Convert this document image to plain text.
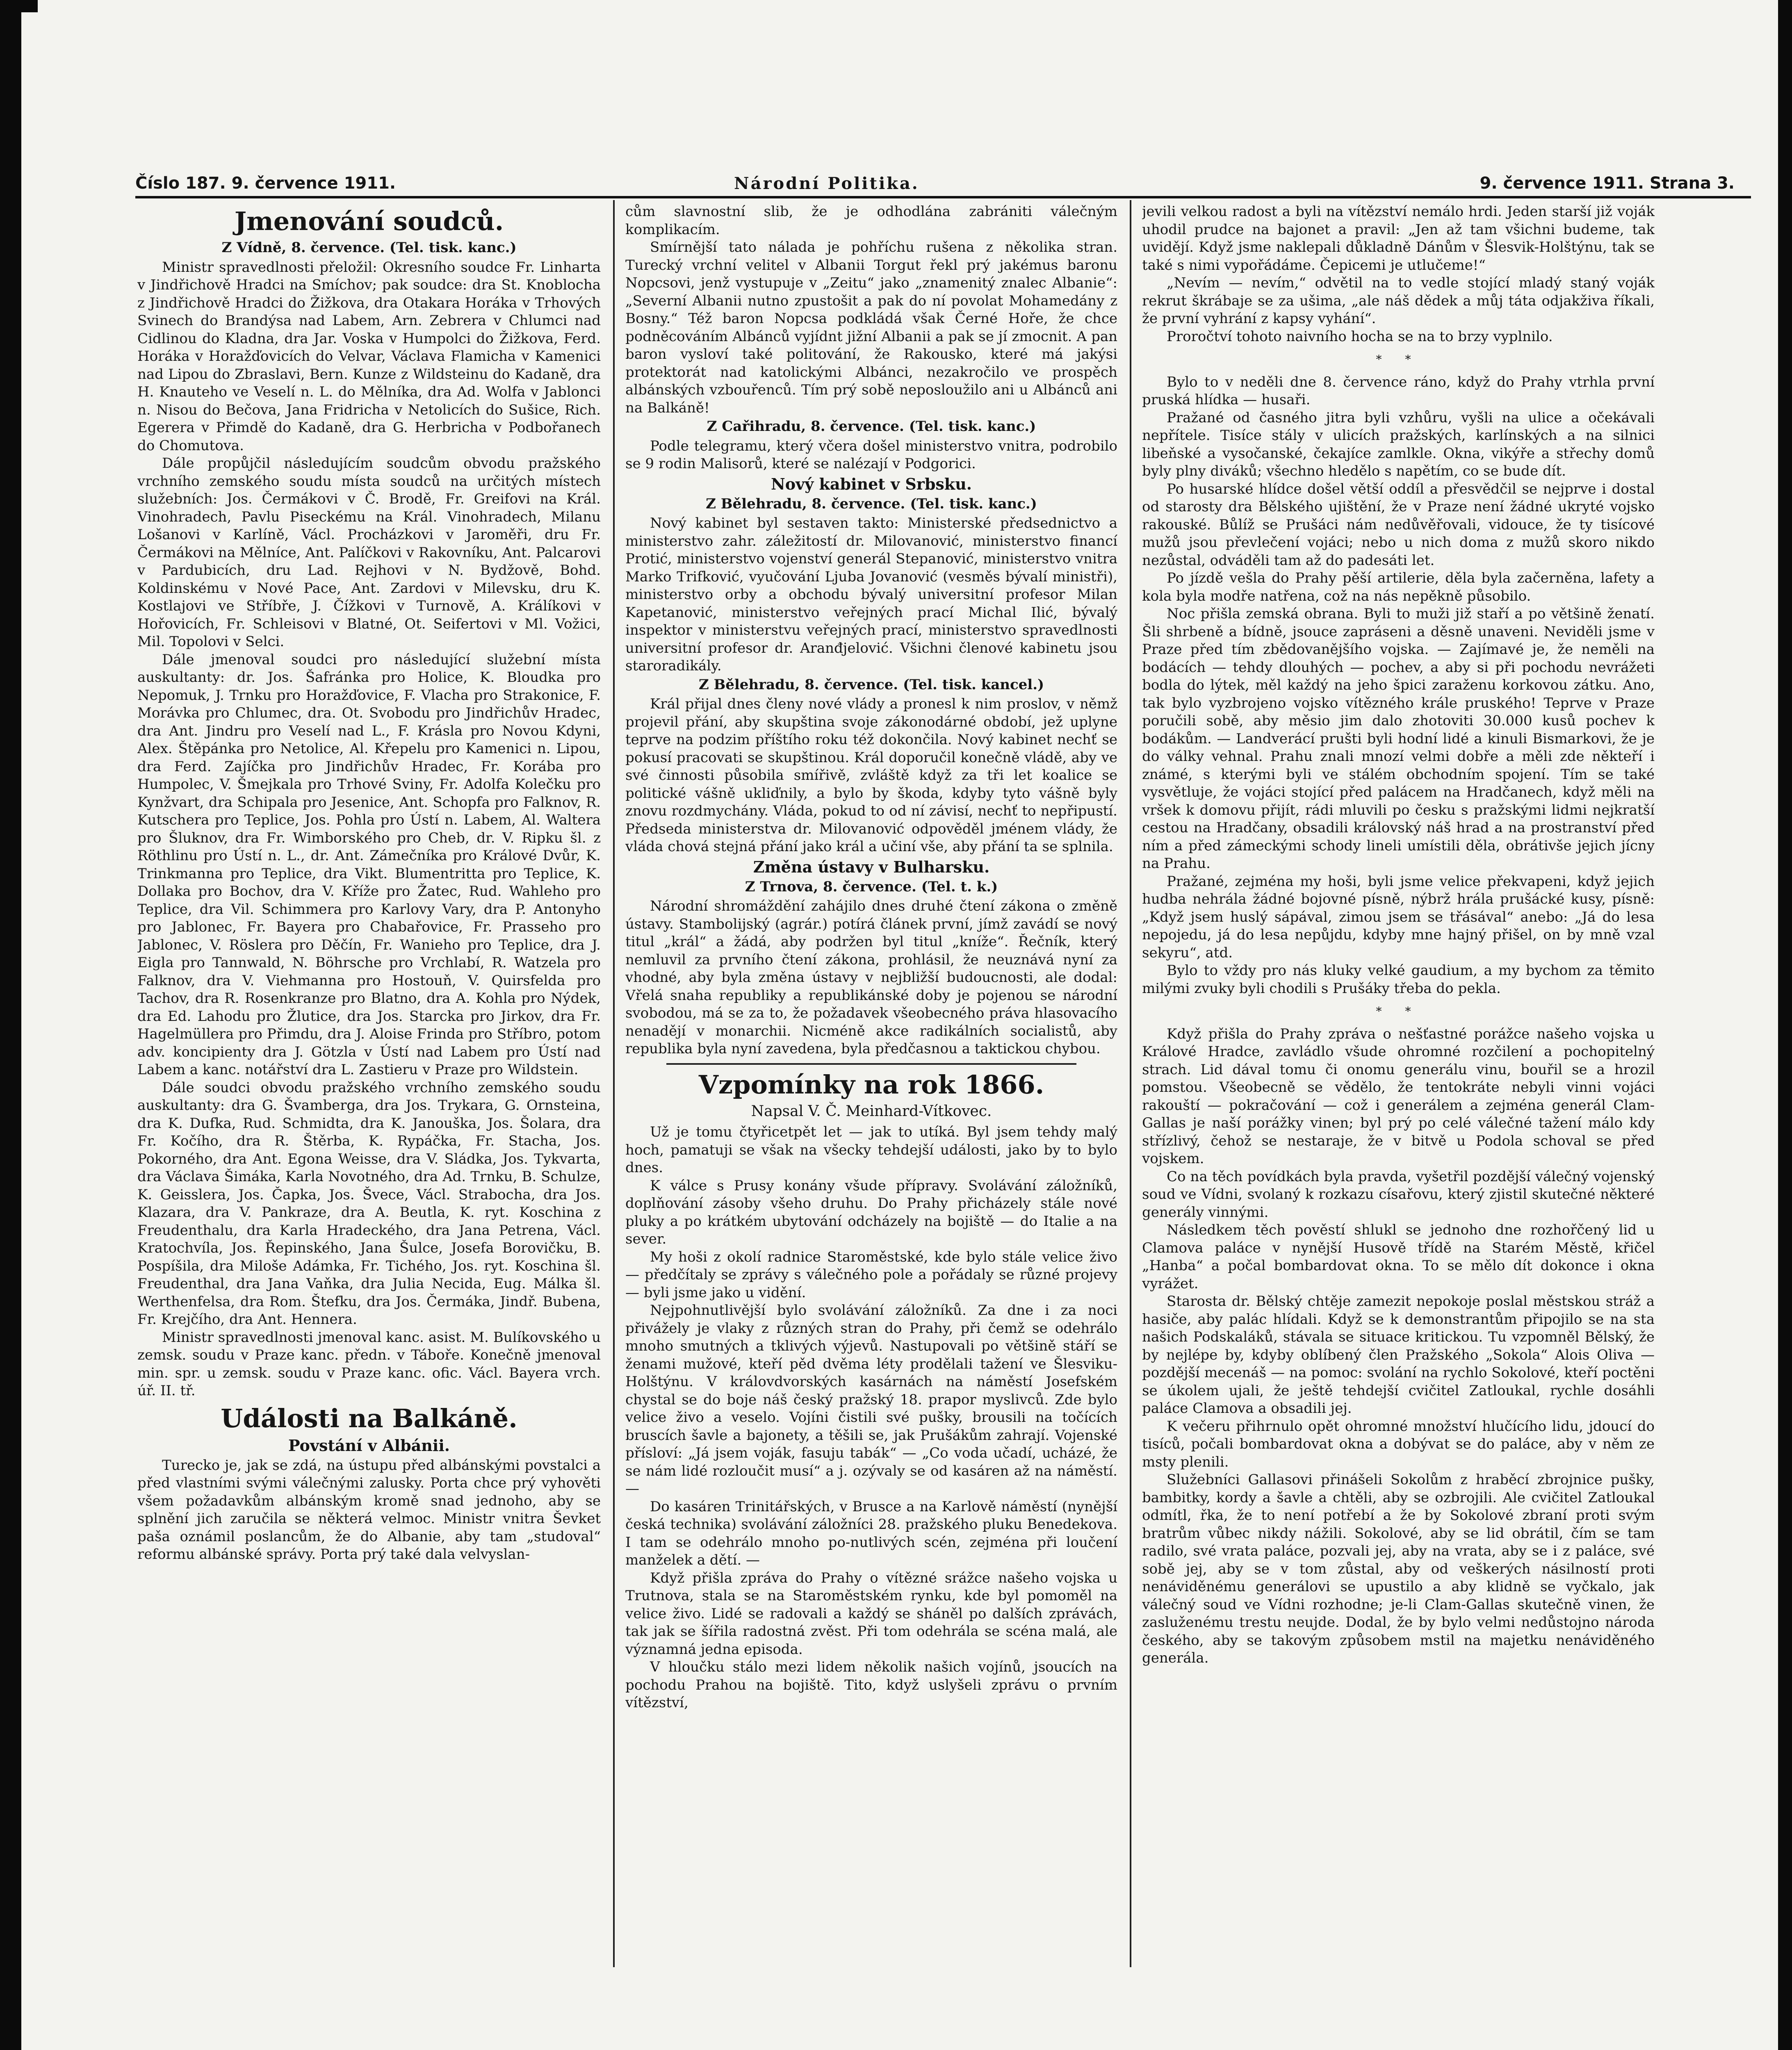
Číslo 187. 9. července 1911.	Národní Politika.	9. července 1911. Strana 3.
Jmenování soudců.
Z Vídně, 8. července. (Tel. tisk. kanc.)

Ministr spravedlnosti přeložil: Okresního soudce Fr. Linharta v Jindřichově Hradci na Smíchov; pak soudce: dra St. Knoblocha z Jindřichově Hradci do Žižkova, dra Otakara Horáka v Trhových Svinech do Brandýsa nad Labem, Arn. Zebrera v Chlumci nad Cidlinou do Kladna, dra Jar. Voska v Humpolci do Žižkova, Ferd. Horáka v Horažďovicích do Velvar, Václava Flamicha v Kamenici nad Lipou do Zbraslavi, Bern. Kunze z Wildsteinu do Kadaně, dra H. Knauteho ve Veselí n. L. do Mělníka, dra Ad. Wolfa v Jablonci n. Nisou do Bečova, Jana Fridricha v Netolicích do Sušice, Rich. Egerera v Přimdě do Kadaně, dra G. Herbricha v Podbořanech do Chomutova.

Dále propůjčil následujícím soudcům obvodu pražského vrchního zemského soudu místa soudců na určitých místech služebních: Jos. Čermákovi v Č. Brodě, Fr. Greifovi na Král. Vinohradech, Pavlu Piseckému na Král. Vinohradech, Milanu Lošanovi v Karlíně, Václ. Procházkovi v Jaroměři, dru Fr. Čermákovi na Mělníce, Ant. Palíčkovi v Rakovníku, Ant. Palcarovi v Pardubicích, dru Lad. Rejhovi v N. Bydžově, Bohd. Koldinskému v Nové Pace, Ant. Zardovi v Milevsku, dru K. Kostlajovi ve Stříbře, J. Čížkovi v Turnově, A. Králíkovi v Hořovicích, Fr. Schleisovi v Blatné, Ot. Seifertovi v Ml. Vožici, Mil. Topolovi v Selci.

Dále jmenoval soudci pro následující služební místa auskultanty: dr. Jos. Šafránka pro Holice, K. Bloudka pro Nepomuk, J. Trnku pro Horažďovice, F. Vlacha pro Strakonice, F. Morávka pro Chlumec, dra. Ot. Svobodu pro Jindřichův Hradec, dra Ant. Jindru pro Veselí nad L., F. Krásla pro Novou Kdyni, Alex. Štěpánka pro Netolice, Al. Křepelu pro Kamenici n. Lipou, dra Ferd. Zajíčka pro Jindřichův Hradec, Fr. Korába pro Humpolec, V. Šmejkala pro Trhové Sviny, Fr. Adolfa Kolečku pro Kynžvart, dra Schipala pro Jesenice, Ant. Schopfa pro Falknov, R. Kutschera pro Teplice, Jos. Pohla pro Ústí n. Labem, Al. Waltera pro Šluknov, dra Fr. Wimborského pro Cheb, dr. V. Ripku šl. z Röthlinu pro Ústí n. L., dr. Ant. Zámečníka pro Králové Dvůr, K. Trinkmanna pro Teplice, dra Vikt. Blumentritta pro Teplice, K. Dollaka pro Bochov, dra V. Kříže pro Žatec, Rud. Wahleho pro Teplice, dra Vil. Schimmera pro Karlovy Vary, dra P. Antonyho pro Jablonec, Fr. Bayera pro Chabařovice, Fr. Prasseho pro Jablonec, V. Röslera pro Děčín, Fr. Wanieho pro Teplice, dra J. Eigla pro Tannwald, N. Böhrsche pro Vrchlabí, R. Watzela pro Falknov, dra V. Viehmanna pro Hostouň, V. Quirsfelda pro Tachov, dra R. Rosenkranze pro Blatno, dra A. Kohla pro Nýdek, dra Ed. Lahodu pro Žlutice, dra Jos. Starcka pro Jirkov, dra Fr. Hagelmüllera pro Přimdu, dra J. Aloise Frinda pro Stříbro, potom adv. koncipienty dra J. Götzla v Ústí nad Labem pro Ústí nad Labem a kanc. notářství dra L. Zastieru v Praze pro Wildstein.

Dále soudci obvodu pražského vrchního zemského soudu auskultanty: dra G. Švamberga, dra Jos. Trykara, G. Ornsteina, dra K. Dufka, Rud. Schmidta, dra K. Janouška, Jos. Šolara, dra Fr. Kočího, dra R. Štěrba, K. Rypáčka, Fr. Stacha, Jos. Pokorného, dra Ant. Egona Weisse, dra V. Sládka, Jos. Tykvarta, dra Václava Šimáka, Karla Novotného, dra Ad. Trnku, B. Schulze, K. Geisslera, Jos. Čapka, Jos. Švece, Václ. Strabocha, dra Jos. Klazara, dra V. Pankraze, dra A. Beutla, K. ryt. Koschina z Freudenthalu, dra Karla Hradeckého, dra Jana Petrena, Václ. Kratochvíla, Jos. Řepinského, Jana Šulce, Josefa Borovičku, B. Pospíšila, dra Miloše Adámka, Fr. Tichého, Jos. ryt. Koschina šl. Freudenthal, dra Jana Vaňka, dra Julia Necida, Eug. Málka šl. Werthenfelsa, dra Rom. Štefku, dra Jos. Čermáka, Jindř. Bubena, Fr. Krejčího, dra Ant. Hennera.

Ministr spravedlnosti jmenoval kanc. asist. M. Bulíkovského u zemsk. soudu v Praze kanc. předn. v Táboře. Konečně jmenoval min. spr. u zemsk. soudu v Praze kanc. ofic. Václ. Bayera vrch. úř. II. tř.

Události na Balkáně.
Povstání v Albánii.

Turecko je, jak se zdá, na ústupu před albánskými povstalci a před vlastními svými válečnými zalusky. Porta chce prý vyhověti všem požadavkům albánským kromě snad jednoho, aby se splnění jich zaručila se některá velmoc. Ministr vnitra Ševket paša oznámil poslancům, že do Albanie, aby tam „studoval“ reformu albánské správy. Porta prý také dala velvyslan-

cům slavnostní slib, že je odhodlána zabrániti válečným komplikacím.

Smírnější tato nálada je pohříchu rušena z několika stran. Turecký vrchní velitel v Albanii Torgut řekl prý jakémus baronu Nopcsovi, jenž vystupuje v „Zeitu“ jako „znamenitý znalec Albanie“: „Severní Albanii nutno zpustošit a pak do ní povolat Mohamedány z Bosny.“ Též baron Nopcsa podkládá však Černé Hoře, že chce podněcováním Albánců vyjídnt jižní Albanii a pak se jí zmocnit. A pan baron vysloví také politování, že Rakousko, které má jakýsi protektorát nad katolickými Albánci, nezakročilo ve prospěch albánských vzbouřenců. Tím prý sobě neposloužilo ani u Albánců ani na Balkáně!

Z Cařihradu, 8. července. (Tel. tisk. kanc.)

Podle telegramu, který včera došel ministerstvo vnitra, podrobilo se 9 rodin Malisorů, které se nalézají v Podgorici.

Nový kabinet v Srbsku.
Z Bělehradu, 8. července. (Tel. tisk. kanc.)

Nový kabinet byl sestaven takto: Ministerské předsednictvo a ministerstvo zahr. záležitostí dr. Milovanović, ministerstvo financí Protić, ministerstvo vojenství generál Stepanović, ministerstvo vnitra Marko Trifković, vyučování Ljuba Jovanović (vesměs bývalí ministři), ministerstvo orby a obchodu bývalý universitní profesor Milan Kapetanović, ministerstvo veřejných prací Michal Ilić, bývalý inspektor v ministerstvu veřejných prací, ministerstvo spravedlnosti universitní profesor dr. Aranđjelović. Všichni členové kabinetu jsou staroradikály.

Z Bělehradu, 8. července. (Tel. tisk. kancel.)

Král přijal dnes členy nové vlády a pronesl k nim proslov, v němž projevil přání, aby skupština svoje zákonodárné období, jež uplyne teprve na podzim příštího roku též dokončila. Nový kabinet nechť se pokusí pracovati se skupštinou. Král doporučil konečně vládě, aby ve své činnosti působila smířivě, zvláště když za tři let koalice se politické vášně ukliďnily, a bylo by škoda, kdyby tyto vášně byly znovu rozdmychány. Vláda, pokud to od ní závisí, nechť to nepřipustí. Předseda ministerstva dr. Milovanović odpověděl jménem vlády, že vláda chová stejná přání jako král a učiní vše, aby přání ta se splnila.

Změna ústavy v Bulharsku.
Z Trnova, 8. července. (Tel. t. k.)

Národní shromáždění zahájilo dnes druhé čtení zákona o změně ústavy. Stambolijský (agrár.) potírá článek první, jímž zavádí se nový titul „král“ a žádá, aby podržen byl titul „kníže“. Řečník, který nemluvil za prvního čtení zákona, prohlásil, že neuznává nyní za vhodné, aby byla změna ústavy v nejbližší budoucnosti, ale dodal: Vřelá snaha republiky a republikánské doby je pojenou se národní svobodou, má se za to, že požadavek všeobecného práva hlasovacího nenadějí v monarchii. Nicméně akce radikálních socialistů, aby republika byla nyní zavedena, byla předčasnou a taktickou chybou.

Vzpomínky na rok 1866.
Napsal V. Č. Meinhard-Vítkovec.

Už je tomu čtyřicetpět let — jak to utíká. Byl jsem tehdy malý hoch, pamatuji se však na všecky tehdejší události, jako by to bylo dnes.

K válce s Prusy konány všude přípravy. Svolávání záložníků, doplňování zásoby všeho druhu. Do Prahy přicházely stále nové pluky a po krátkém ubytování odcházely na bojiště — do Italie a na sever.

My hoši z okolí radnice Staroměstské, kde bylo stále velice živo — předčítaly se zprávy s válečného pole a pořádaly se různé projevy — byli jsme jako u vidění.

Nejpohnutlivější bylo svolávání záložníků. Za dne i za noci přivážely je vlaky z různých stran do Prahy, při čemž se odehrálo mnoho smutných a tklivých výjevů. Nastupovali po většině stáří se ženami mužové, kteří pěd dvěma léty prodělali tažení ve Šlesviku-Holštýnu. V královdvorských kasárnách na náměstí Josefském chystal se do boje náš český pražský 18. prapor myslivců. Zde bylo velice živo a veselo. Vojíni čistili své pušky, brousili na točících bruscích šavle a bajonety, a těšili se, jak Prušákům zahrají. Vojenské přísloví: „Já jsem voják, fasuju tabák“ — „Co voda učadí, ucházé, že se nám lidé rozloučit musí“ a j. ozývaly se od kasáren až na náměstí. —

Do kasáren Trinitářských, v Brusce a na Karlově náměstí (nynější česká technika) svolávání záložníci 28. pražského pluku Benedekova. I tam se odehrálo mnoho po-nutlivých scén, zejména při loučení manželek a dětí. —

Když přišla zpráva do Prahy o vítězné srážce našeho vojska u Trutnova, stala se na Staroměstském rynku, kde byl pomoměl na velice živo. Lidé se radovali a každý se sháněl po dalších zprávách, tak jak se šířila radostná zvěst. Při tom odehrála se scéna malá, ale významná jedna episoda.

V hloučku stálo mezi lidem několik našich vojínů, jsoucích na pochodu Prahou na bojiště. Tito, když uslyšeli zprávu o prvním vítězství,

jevili velkou radost a byli na vítězství nemálo hrdi. Jeden starší již voják uhodil prudce na bajonet a pravil: „Jen až tam všichni budeme, tak uvidějí. Když jsme naklepali důkladně Dánům v Šlesvik-Holštýnu, tak se také s nimi vypořádáme. Čepicemi je utlučeme!“

„Nevím — nevím,“ odvětil na to vedle stojící mladý staný voják rekrut škrábaje se za ušima, „ale náš dědek a můj táta odjakživa říkali, že první vyhrání z kapsy vyhání“.

Proročtví tohoto naivního hocha se na to brzy vyplnilo.

* *

Bylo to v neděli dne 8. července ráno, když do Prahy vtrhla první pruská hlídka — husaři.

Pražané od časného jitra byli vzhůru, vyšli na ulice a očekávali nepřítele. Tisíce stály v ulicích pražských, karlínských a na silnici libeňské a vysočanské, čekajíce zamlkle. Okna, vikýře a střechy domů byly plny diváků; všechno hledělo s napětím, co se bude dít.

Po husarské hlídce došel větší oddíl a přesvědčil se nejprve i dostal od starosty dra Bělského ujištění, že v Praze není žádné ukryté vojsko rakouské. Bůlíž se Prušáci nám nedůvěřovali, vidouce, že ty tisícové mužů jsou převlečení vojáci; nebo u nich doma z mužů skoro nikdo nezůstal, odváděli tam až do padesáti let.

Po jízdě vešla do Prahy pěší artilerie, děla byla začerněna, lafety a kola byla modře natřena, což na nás nepěkně působilo.

Noc přišla zemská obrana. Byli to muži již staří a po většině ženatí. Šli shrbeně a bídně, jsouce zapráseni a děsně unaveni. Neviděli jsme v Praze před tím zbědovanějšího vojska. — Zajímavé je, že neměli na bodácích — tehdy dlouhých — pochev, a aby si při pochodu nevrážeti bodla do lýtek, měl každý na jeho špici zaraženu korkovou zátku. Ano, tak bylo vyzbrojeno vojsko vítězného krále pruského! Teprve v Praze poručili sobě, aby měsio jim dalo zhotoviti 30.000 kusů pochev k bodákům. — Landverácí prušti byli hodní lidé a kinuli Bismarkovi, že je do války vehnal. Prahu znali mnozí velmi dobře a měli zde někteří i známé, s kterými byli ve stálém obchodním spojení. Tím se také vysvětluje, že vojáci stojící před palácem na Hradčanech, když měli na vršek k domovu přijít, rádi mluvili po česku s pražskými lidmi nejkratší cestou na Hradčany, obsadili královský náš hrad a na prostranství před ním a před zámeckými schody lineli umístili děla, obrátivše jejich jícny na Prahu.

Pražané, zejména my hoši, byli jsme velice překvapeni, když jejich hudba nehrála žádné bojovné písně, nýbrž hrála prušácké kusy, písně: „Když jsem huslý sápával, zimou jsem se třásával“ anebo: „Já do lesa nepojedu, já do lesa nepůjdu, kdyby mne hajný přišel, on by mně vzal sekyru“, atd.

Bylo to vždy pro nás kluky velké gaudium, a my bychom za těmito milými zvuky byli chodili s Prušáky třeba do pekla.

* *

Když přišla do Prahy zpráva o nešťastné porážce našeho vojska u Králové Hradce, zavládlo všude ohromné rozčilení a pochopitelný strach. Lid dával tomu či onomu generálu vinu, bouřil se a hrozil pomstou. Všeobecně se vědělo, že tentokráte nebyli vinni vojáci rakouští — pokračování — což i generálem a zejména generál Clam-Gallas je naší porážky vinen; byl prý po celé válečné tažení málo kdy střízlivý, čehož se nestaraje, že v bitvě u Podola schoval se před vojskem.

Co na těch povídkách byla pravda, vyšetřil pozdější válečný vojenský soud ve Vídni, svolaný k rozkazu císařovu, který zjistil skutečné některé generály vinnými.

Následkem těch pověstí shlukl se jednoho dne rozhořčený lid u Clamova paláce v nynější Husově třídě na Starém Městě, křičel „Hanba“ a počal bombardovat okna. To se mělo dít dokonce i okna vyrážet.

Starosta dr. Bělský chtěje zamezit nepokoje poslal městskou stráž a hasiče, aby palác hlídali. Když se k demonstrantům připojilo se na sta našich Podskaláků, stávala se situace kritickou. Tu vzpomněl Bělský, že by nejlépe by, kdyby oblíbený člen Pražského „Sokola“ Alois Oliva — pozdější mecenáš — na pomoc: svolání na rychlo Sokolové, kteří poctěni se úkolem ujali, že ještě tehdejší cvičitel Zatloukal, rychle dosáhli paláce Clamova a obsadili jej.

K večeru přihrnulo opět ohromné množství hlučícího lidu, jdoucí do tisíců, počali bombardovat okna a dobývat se do paláce, aby v něm ze msty plenili.

Služebníci Gallasovi přinášeli Sokolům z hraběcí zbrojnice pušky, bambitky, kordy a šavle a chtěli, aby se ozbrojili. Ale cvičitel Zatloukal odmítl, řka, že to není potřebí a že by Sokolové zbraní proti svým bratrům vůbec nikdy nážili. Sokolové, aby se lid obrátil, čím se tam radilo, své vrata paláce, pozvali jej, aby na vrata, aby se i z paláce, své sobě jej, aby se v tom zůstal, aby od veškerých násilností proti nenáviděnému generálovi se upustilo a aby klidně se vyčkalo, jak válečný soud ve Vídni rozhodne; je-li Clam-Gallas skutečně vinen, že zasluženému trestu neujde. Dodal, že by bylo velmi nedůstojno národa českého, aby se takovým způsobem mstil na majetku nenáviděného generála.
